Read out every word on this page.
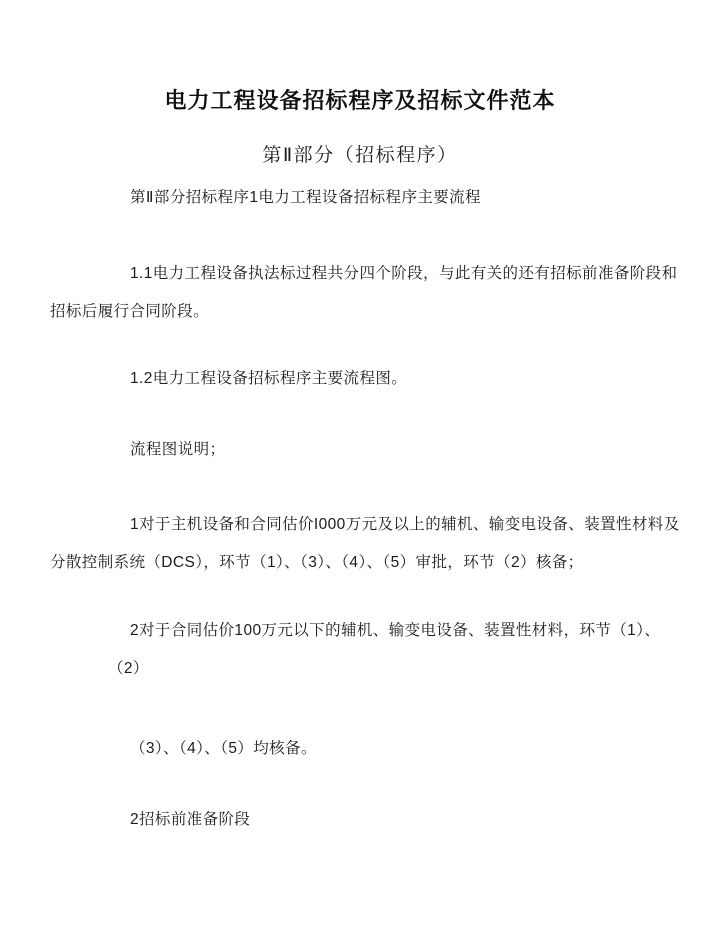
电力工程设备招标程序及招标文件范本
第Ⅱ部分（招标程序）

第Ⅱ部分招标程序1电力工程设备招标程序主要流程

1.1电力工程设备执法标过程共分四个阶段，与此有关的还有招标前准备阶段和

招标后履行合同阶段。

1.2电力工程设备招标程序主要流程图。

流程图说明；

1对于主机设备和合同估价I000万元及以上的辅机、输变电设备、装置性材料及

分散控制系统（DCS），环节（1）、（3）、（4）、（5）审批，环节（2）核备；

2对于合同估价100万元以下的辅机、输变电设备、装置性材料，环节（1）、

（2）

（3）、（4）、（5）均核备。

2招标前准备阶段
